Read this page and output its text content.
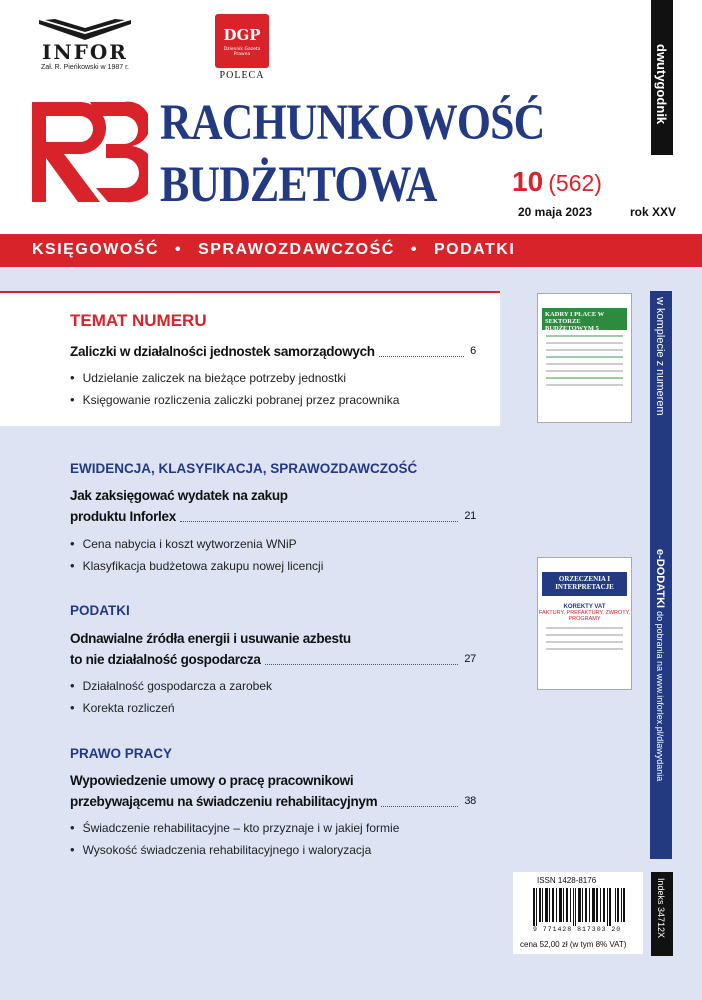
INFOR
Zał. R. Pieńkowski w 1987 r.
DGP
Dziennik Gazeta Prawna
POLECA
RACHUNKOWOŚĆ
BUDŻETOWA	10 (562)
20 maja 2023	rok XXV
dwutygodnik
KSIĘGOWOŚĆ • SPRAWOZDAWCZOŚĆ • PODATKI
TEMAT NUMERU
Zaliczki w działalności jednostek samorządowych	6
• Udzielanie zaliczek na bieżące potrzeby jednostki
• Księgowanie rozliczenia zaliczki pobranej przez pracownika
EWIDENCJA, KLASYFIKACJA, SPRAWOZDAWCZOŚĆ
Jak zaksięgować wydatek na zakup
produktu Inforlex	21
• Cena nabycia i koszt wytworzenia WNiP
• Klasyfikacja budżetowa zakupu nowej licencji
PODATKI
Odnawialne źródła energii i usuwanie azbestu
to nie działalność gospodarcza	27
• Działalność gospodarcza a zarobek
• Korekta rozliczeń
PRAWO PRACY
Wypowiedzenie umowy o pracę pracownikowi
przebywającemu na świadczeniu rehabilitacyjnym	38
• Świadczenie rehabilitacyjne – kto przyznaje i w jakiej formie
• Wysokość świadczenia rehabilitacyjnego i waloryzacja
w komplecie z numerem
e-DODATKI do pobrania na www.inforlex.pl/dlawydania
KADRY I PŁACE W SEKTORZE BUDŻETOWYM 5
ORZECZENIA I INTERPRETACJE
KOREKTY VAT
FAKTURY, PREFAKTURY, ZWROTY, PROGRAMY
ISSN 1428-8176
9 771428 817303 20
cena 52,00 zł (w tym 8% VAT)
Indeks 34712X
